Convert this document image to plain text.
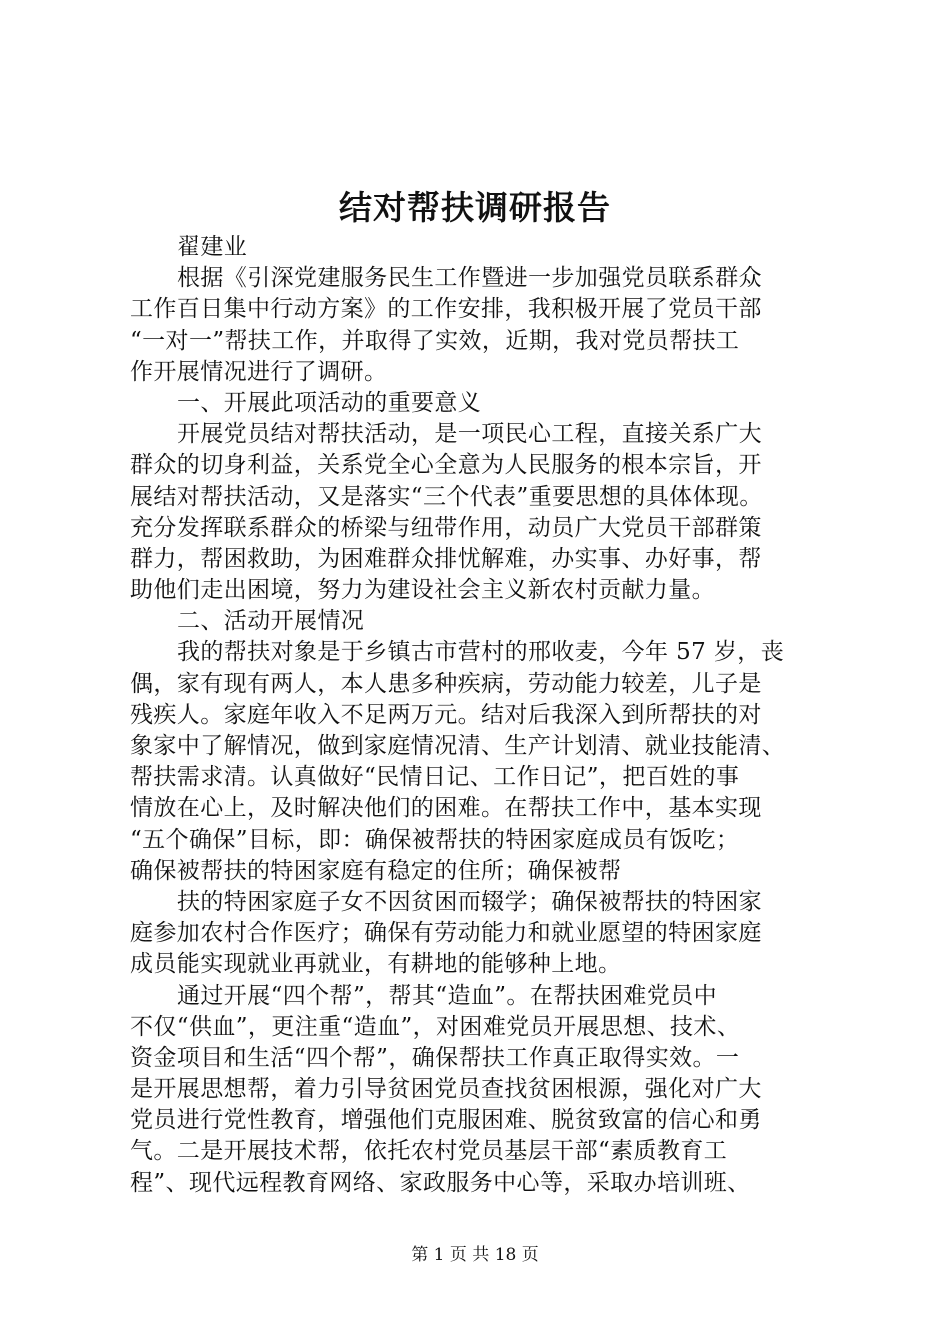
结对帮扶调研报告
翟建业
根据《引深党建服务民生工作暨进一步加强党员联系群众
工作百日集中行动方案》的工作安排，我积极开展了党员干部
“一对一”帮扶工作，并取得了实效，近期，我对党员帮扶工
作开展情况进行了调研。
一、开展此项活动的重要意义
开展党员结对帮扶活动，是一项民心工程，直接关系广大
群众的切身利益，关系党全心全意为人民服务的根本宗旨，开
展结对帮扶活动，又是落实“三个代表”重要思想的具体体现。
充分发挥联系群众的桥梁与纽带作用，动员广大党员干部群策
群力，帮困救助，为困难群众排忧解难，办实事、办好事，帮
助他们走出困境，努力为建设社会主义新农村贡献力量。
二、活动开展情况
我的帮扶对象是于乡镇古市营村的邢收麦，今年 57 岁，丧
偶，家有现有两人，本人患多种疾病，劳动能力较差，儿子是
残疾人。家庭年收入不足两万元。结对后我深入到所帮扶的对
象家中了解情况，做到家庭情况清、生产计划清、就业技能清、
帮扶需求清。认真做好“民情日记、工作日记”，把百姓的事
情放在心上，及时解决他们的困难。在帮扶工作中，基本实现
“五个确保”目标，即：确保被帮扶的特困家庭成员有饭吃；
确保被帮扶的特困家庭有稳定的住所；确保被帮
扶的特困家庭子女不因贫困而辍学；确保被帮扶的特困家
庭参加农村合作医疗；确保有劳动能力和就业愿望的特困家庭
成员能实现就业再就业，有耕地的能够种上地。
通过开展“四个帮”，帮其“造血”。在帮扶困难党员中
不仅“供血”，更注重“造血”，对困难党员开展思想、技术、
资金项目和生活“四个帮”，确保帮扶工作真正取得实效。一
是开展思想帮，着力引导贫困党员查找贫困根源，强化对广大
党员进行党性教育，增强他们克服困难、脱贫致富的信心和勇
气。二是开展技术帮，依托农村党员基层干部“素质教育工
程”、现代远程教育网络、家政服务中心等，采取办培训班、
第 1 页 共 18 页
